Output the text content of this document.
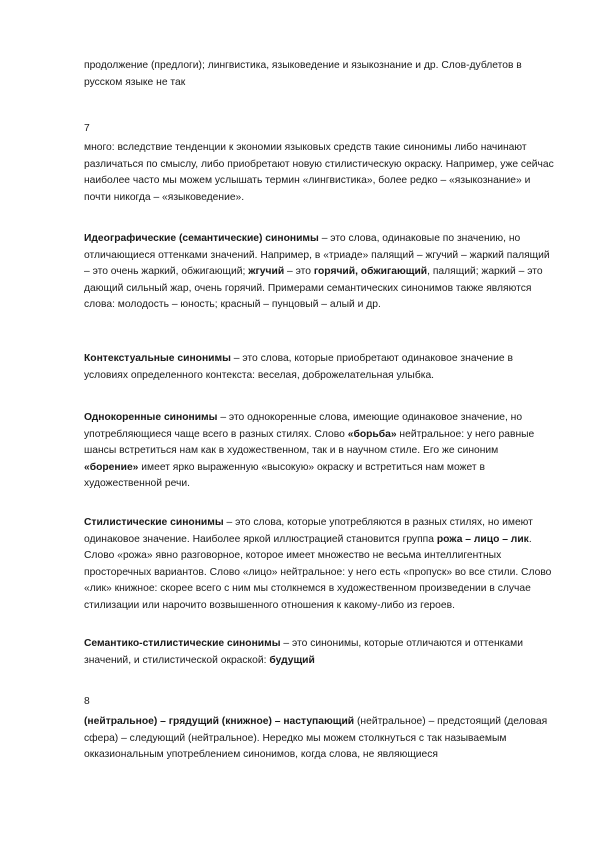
продолжение (предлоги); лингвистика, языковедение и языкознание и др. Слов-дублетов в русском языке не так

7

много: вследствие тенденции к экономии языковых средств такие синонимы либо начинают различаться по смыслу, либо приобретают новую стилистическую окраску. Например, уже сейчас наиболее часто мы можем услышать термин «лингвистика», более редко – «языкознание» и почти никогда – «языковедение».

Идеографические (семантические) синонимы – это слова, одинаковые по значению, но отличающиеся оттенками значений. Например, в «триаде» палящий – жгучий – жаркий палящий – это очень жаркий, обжигающий; жгучий – это горячий, обжигающий, палящий; жаркий – это дающий сильный жар, очень горячий. Примерами семантических синонимов также являются слова: молодость – юность; красный – пунцовый – алый и др.

Контекстуальные синонимы – это слова, которые приобретают одинаковое значение в условиях определенного контекста: веселая, доброжелательная улыбка.

Однокоренные синонимы – это однокоренные слова, имеющие одинаковое значение, но употребляющиеся чаще всего в разных стилях. Слово «борьба» нейтральное: у него равные шансы встретиться нам как в художественном, так и в научном стиле. Его же синоним «борение» имеет ярко выраженную «высокую» окраску и встретиться нам может в художественной речи.

Стилистические синонимы – это слова, которые употребляются в разных стилях, но имеют одинаковое значение. Наиболее яркой иллюстрацией становится группа рожа – лицо – лик. Слово «рожа» явно разговорное, которое имеет множество не весьма интеллигентных просторечных вариантов. Слово «лицо» нейтральное: у него есть «пропуск» во все стили. Слово «лик» книжное: скорее всего с ним мы столкнемся в художественном произведении в случае стилизации или нарочито возвышенного отношения к какому-либо из героев.

Семантико-стилистические синонимы – это синонимы, которые отличаются и оттенками значений, и стилистической окраской: будущий

8

(нейтральное) – грядущий (книжное) – наступающий (нейтральное) – предстоящий (деловая сфера) – следующий (нейтральное). Нередко мы можем столкнуться с так называемым окказиональным употреблением синонимов, когда слова, не являющиеся
